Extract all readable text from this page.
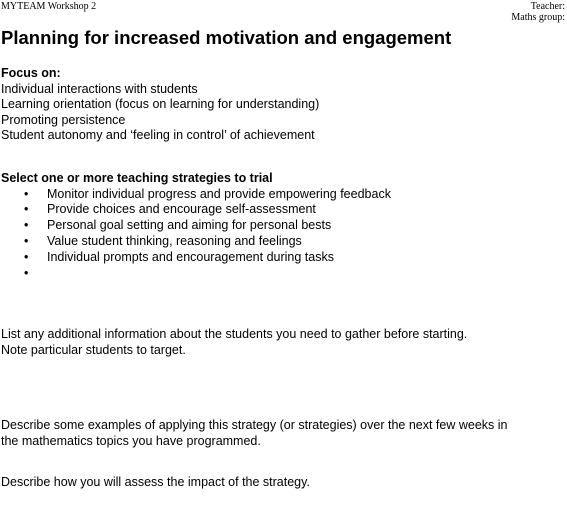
MYTEAM Workshop 2	Teacher:
Maths group:
Planning for increased motivation and engagement
Focus on:
Individual interactions with students
Learning orientation (focus on learning for understanding)
Promoting persistence
Student autonomy and ‘feeling in control’ of achievement
Select one or more teaching strategies to trial
• Monitor individual progress and provide empowering feedback
• Provide choices and encourage self-assessment
• Personal goal setting and aiming for personal bests
• Value student thinking, reasoning and feelings
• Individual prompts and encouragement during tasks
•
List any additional information about the students you need to gather before starting.
Note particular students to target.
Describe some examples of applying this strategy (or strategies) over the next few weeks in
the mathematics topics you have programmed.
Describe how you will assess the impact of the strategy.
